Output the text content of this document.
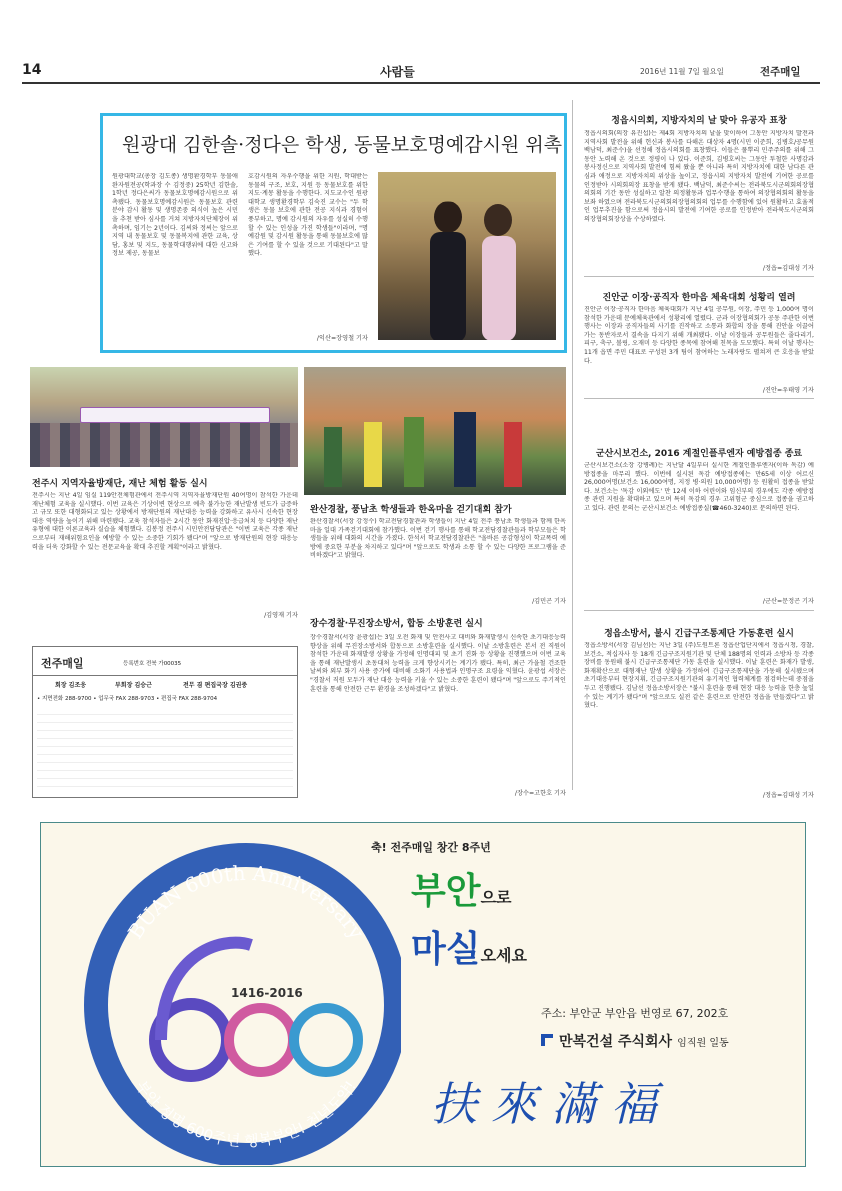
14	사람들	2016년 11월 7일 월요일	전주매일
원광대 김한솔·정다은 학생, 동물보호명예감시원 위촉
원광대학교(총장 김도종) 생명환경학부 동물애완자원전공(학과장 수 김정중) 25학년 김한솔, 1학년 정다은씨가 동물보호명예감시원으로 위촉됐다. 동물보호명예감시원은 동물보호 관련 분야 감시 활동 및 생명존중 의식이 높은 시민을 추천 받아 심사를 거쳐 지방자치단체장이 위촉하며, 임기는 2년이다. 김씨와 정씨는 앞으로 지역 내 동물보호 및 동물복지에 관한 교육, 상담, 홍보 및 지도, 동물학대행위에 대한 신고와 정보 제공, 동물보
호감시원의 자우수행을 위한 지원, 학대받는 동물의 구조, 보호, 지원 등 동물보호를 위한 지도·계몽 활동을 수행한다. 지도교수인 원광대학교 생명환경학부 김숙진 교수는 "두 학생은 동물 보호에 관한 전공 지식과 경험이 풍부하고, 명예 감시원의 자우를 성실히 수행할 수 있는 인성을 가진 학생들"이라며, "명예감원 및 감시원 활동을 통해 동물보호에 많은 기여를 할 수 있을 것으로 기대된다"고 말했다.
/익산=장영철 기자
정읍시의회, 지방자치의 날 맞아 유공자 표창
정읍시의회(의장 유진섭)는 제4회 지방자치의 날을 맞이하여 그동안 지방자치 발전과 지역사회 발전을 위해 헌신과 봉사를 다해온 대상자 4명(시민 이준희, 김병호/공무원 백남덕, 최준수)을 선정해 정읍시의회를 표창했다. 이들은 풀뿌리 민주주의를 위해 그동안 노력해 온 것으로 정평이 나 있다. 이준희, 김병호씨는 그동안 투철한 사명감과 봉사정신으로 지역사회 발전에 힘써 왔을 뿐 아니라 특히 지방자치에 대한 남다른 관심과 애정으로 지방자치의 위상을 높이고, 정읍시의 지방자치 발전에 기여한 공로를 인정받아 시의회의장 표창을 받게 됐다. 백남덕, 최준수씨는 전라북도시군의회의장협의회의 기간 동안 성실하고 알찬 의정활동과 업무수행을 통하여 의장협의회의 활동을 보좌 하였으며 전라북도시군의회의장협의회의 업무를 수행함에 있어 원활하고 효율적인 업무추진을 함으로써 정읍시의 발전에 기여한 공로를 인정받아 전라북도시군의회의장협의회장상을 수상하였다.
/정읍=김대성 기자
진안군 이장·공직자 한마음 체육대회 성황리 열려
진안군 이장·공직자 한마음 체육대회가 지난 4일 공무원, 이장, 주민 등 1,000여 명이 참석한 가운데 문예체육관에서 성황리에 열렸다. 군과 이장협의회가 공동 주관한 이번 행사는 이장과 공직자들의 사기를 진작하고 소통과 화합의 장을 통해 진안을 이끌어 가는 동반자로서 결속을 다지기 위해 개최됐다. 이날 이장들과 공무원들은 줄다리기, 피구, 축구, 볼링, 오재미 등 다양한 종목에 참여해 친목을 도모했다. 특히 이날 행사는 11개 읍면 주민 대표로 구성된 3개 팀이 참여하는 노래자랑도 펼쳐져 큰 호응을 받았다.
/진안=우태영 기자
군산시보건소, 2016 계절인플루엔자 예방접종 종료
군산시보건소(소장 강병례)는 지난달 4일부터 실시한 계절인플루엔자(이하 독감) 예방접종을 마무리 했다. 이번에 실시된 독감 예방접종에는 만65세 이상 어르신 26,000여명(보건소 16,000여명, 지정 병·의원 10,000여명) 등 원활히 접종을 받았다. 보건소는 '독감 이외에도' 만 12세 이하 어린이와 임신부의 경우에도 각종 예방접종 관련 지원을 확대하고 있으며 특히 독감의 경우 고위험군 중심으로 접종을 권고하고 있다. 관련 문의는 군산시보건소 예방접종실(☎460-3240)로 문의하면 된다.
/군산=문정곤 기자
정읍소방서, 불시 긴급구조통제단 가동훈련 실시
정읍소방서(서장 김님선)는 지난 3일 (주)도원트론 정읍산업단지에서 정읍시청, 경찰, 보건소, 적십자사 등 18개 긴급구조지원기관 및 단체 188명의 인력과 소방차 등 각종 장비를 동원해 불시 긴급구조통제단 가동 훈련을 실시했다. 이날 훈련은 화재가 발생, 화재확산으로 대형재난 발생 상황을 가정하여 긴급구조통제단을 가동해 실시됐으며 초기대응부터 현장지휘, 긴급구조지원기관의 유기적인 협력체계를 점검하는데 중점을 두고 진행됐다. 김남선 정읍소방서장은 "불시 훈련을 통해 현장 대응 능력을 한층 높일 수 있는 계기가 됐다"며 "앞으로도 실전 같은 훈련으로 안전한 정읍을 만들겠다"고 밝혔다.
/정읍=김대성 기자
전주시 지역자율방재단, 재난 체험 활동 실시
전주시는 지난 4일 임실 119안전체험관에서 전주시역 지역자율방재단원 40여명이 참석한 가운데 재난체험 교육을 실시했다. 이번 교육은 기상이변 현상으로 예측 불가능한 재난발생 빈도가 급증하고 규모 또한 대형화되고 있는 상황에서 방재단원의 재난대응 능력을 강화하고 유사시 신속한 현장 대응 역량을 높이기 위해 마련됐다. 교육 참석자들은 2시간 동안 화재진압·응급처치 등 다양한 재난 유형에 대한 이론교육과 실습을 체험했다. 김봉정 전주시 시민안전담당관은 "이번 교육은 각종 재난으로부터 재해위험요인을 예방할 수 있는 소중한 기회가 됐다"며 "앞으로 방재단원의 현장 대응능력을 더욱 강화할 수 있는 전문교육을 확대 추진할 계획"이라고 밝혔다.
/김영재 기자
완산경찰, 풍남초 학생들과 한옥마을 걷기대회 참가
완산경찰서(서장 강정수) 학교전담경찰관과 학생들이 지난 4일 전주 풍남초 학생들과 함께 한옥마을 일대 가족걷기대회에 참가했다. 이번 걷기 행사를 통해 학교전담경찰관들과 학부모들은 학생들을 위해 대화의 시간을 가졌다. 한석서 학교전담경찰관은 "올바른 공감형성이 학교폭력 예방에 중요한 부분을 차지하고 있다"며 "앞으로도 학생과 소통 할 수 있는 다양한 프로그램을 준비하겠다"고 밝혔다.
/김민곤 기자
장수경찰·무진장소방서, 합동 소방훈련 실시
장수경찰서(서장 윤광섭)는 3일 오전 화재 및 안전사고 대비와 화재발생시 신속한 초기대응능력 향상을 위해 무진장소방서와 합동으로 소방훈련을 실시했다. 이날 소방훈련은 본서 전 직원이 참석한 가운데 화재발생 상황을 가정해 인명대피 및 초기 진화 등 상황을 진행했으며 이번 교육을 통해 재난발생시 초동대처 능력을 크게 향상시키는 계기가 됐다. 특히, 최근 가을철 건조한 날씨와 외부 화기 사용 증가에 대비해 소화기 사용법과 인명구조 요령을 익혔다. 윤광섭 서장은 "경찰서 직원 모두가 재난 대응 능력을 키울 수 있는 소중한 훈련이 됐다"며 "앞으로도 주기적인 훈련을 통해 안전한 근무 환경을 조성하겠다"고 밝혔다.
/장수=고한호 기자
전주매일	등록번호 전북 가00035
회장 김조웅	부회장 김승근	전무 겸 편집국장 김권중
• 지면전화 288-9700 • 업무국 FAX 288-9703 • 편집국 FAX 288-9704
BUAN 600th Anniversary
부안 정명 600주년 행복부안! 천년도약!
1416-2016
축! 전주매일 창간 8주년
부안으로
마실오세요
주소: 부안군 부안읍 번영로 67, 202호
만복건설 주식회사 임직원 일동
扶來滿福
